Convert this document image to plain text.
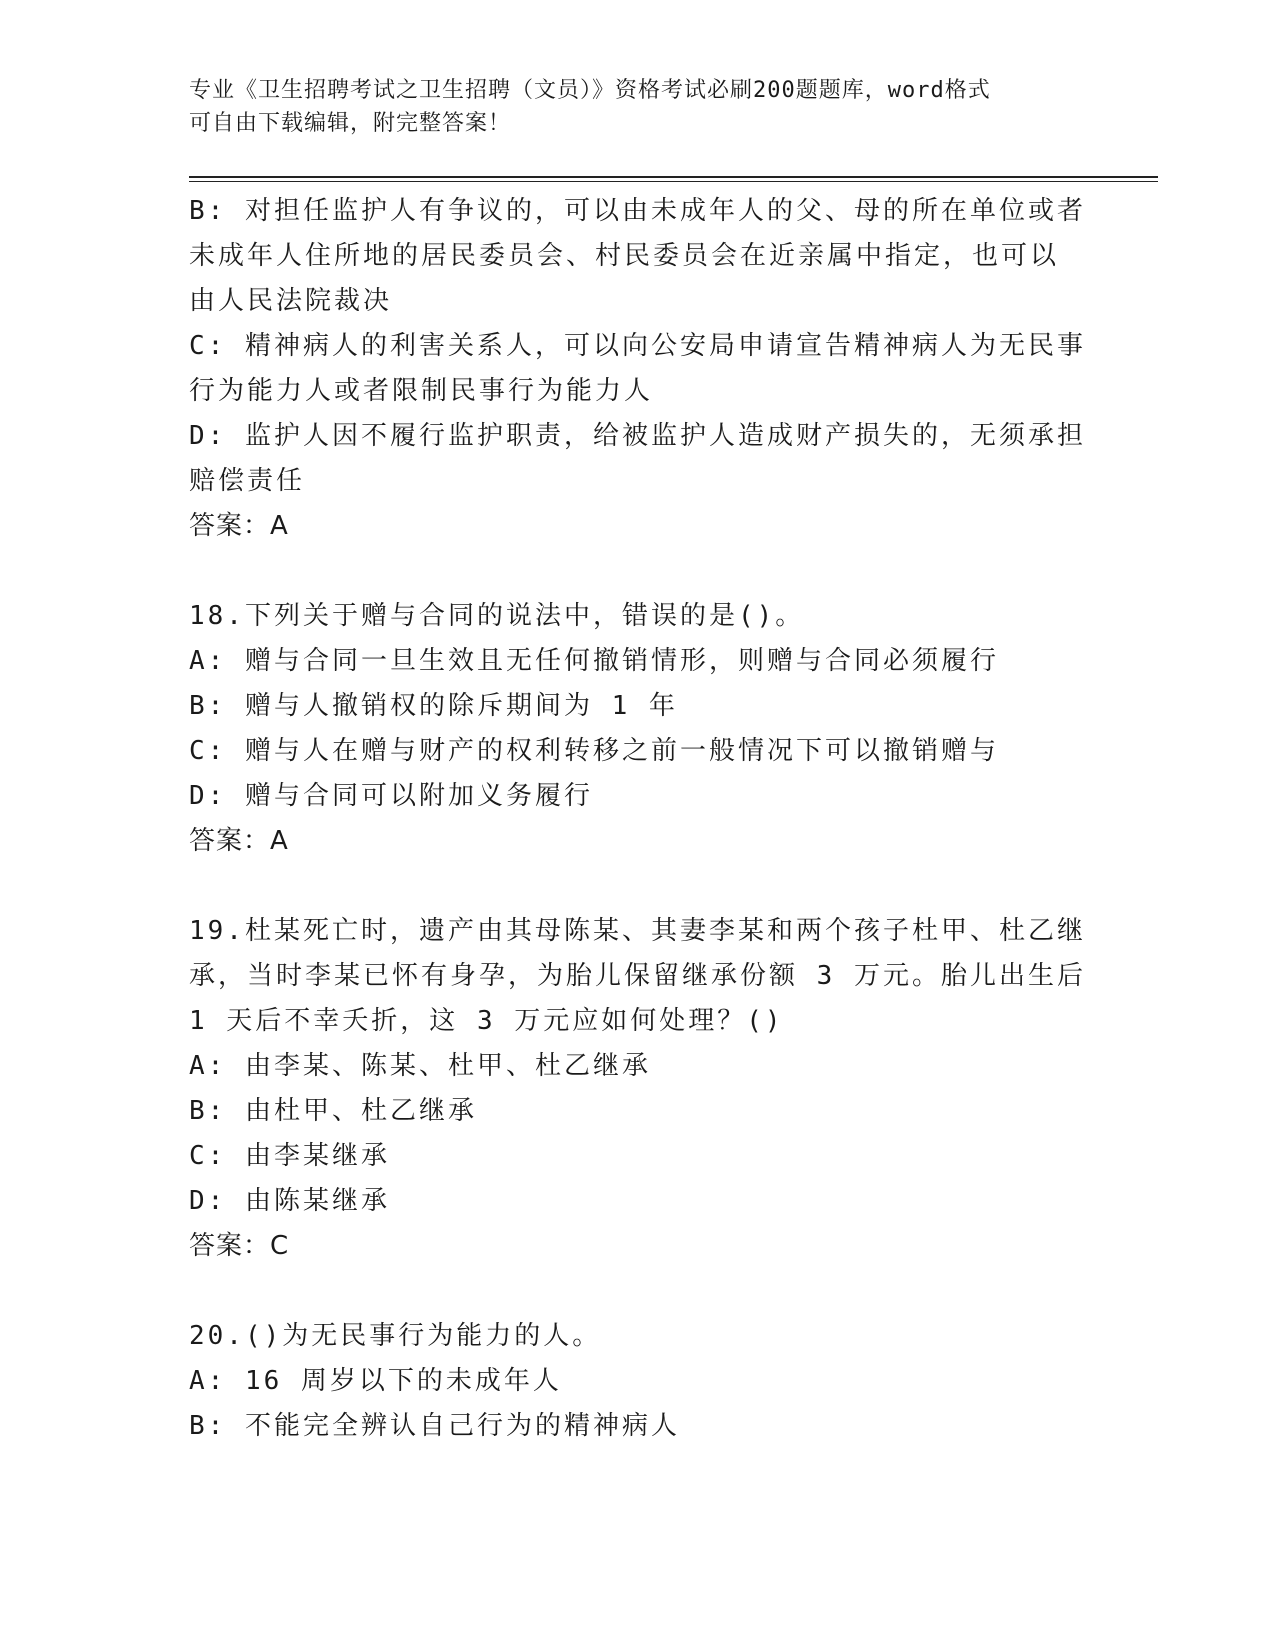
专业《卫生招聘考试之卫生招聘（文员）》资格考试必刷200题题库，word格式
可自由下载编辑，附完整答案！
B: 对担任监护人有争议的，可以由未成年人的父、母的所在单位或者
未成年人住所地的居民委员会、村民委员会在近亲属中指定，也可以
由人民法院裁决
C: 精神病人的利害关系人，可以向公安局申请宣告精神病人为无民事
行为能力人或者限制民事行为能力人
D: 监护人因不履行监护职责，给被监护人造成财产损失的，无须承担
赔偿责任
答案：A
18.下列关于赠与合同的说法中，错误的是()。
A: 赠与合同一旦生效且无任何撤销情形，则赠与合同必须履行
B: 赠与人撤销权的除斥期间为 1 年
C: 赠与人在赠与财产的权利转移之前一般情况下可以撤销赠与
D: 赠与合同可以附加义务履行
答案：A
19.杜某死亡时，遗产由其母陈某、其妻李某和两个孩子杜甲、杜乙继
承，当时李某已怀有身孕，为胎儿保留继承份额 3 万元。胎儿出生后
1 天后不幸夭折，这 3 万元应如何处理？()
A: 由李某、陈某、杜甲、杜乙继承
B: 由杜甲、杜乙继承
C: 由李某继承
D: 由陈某继承
答案：C
20.()为无民事行为能力的人。
A: 16 周岁以下的未成年人
B: 不能完全辨认自己行为的精神病人
